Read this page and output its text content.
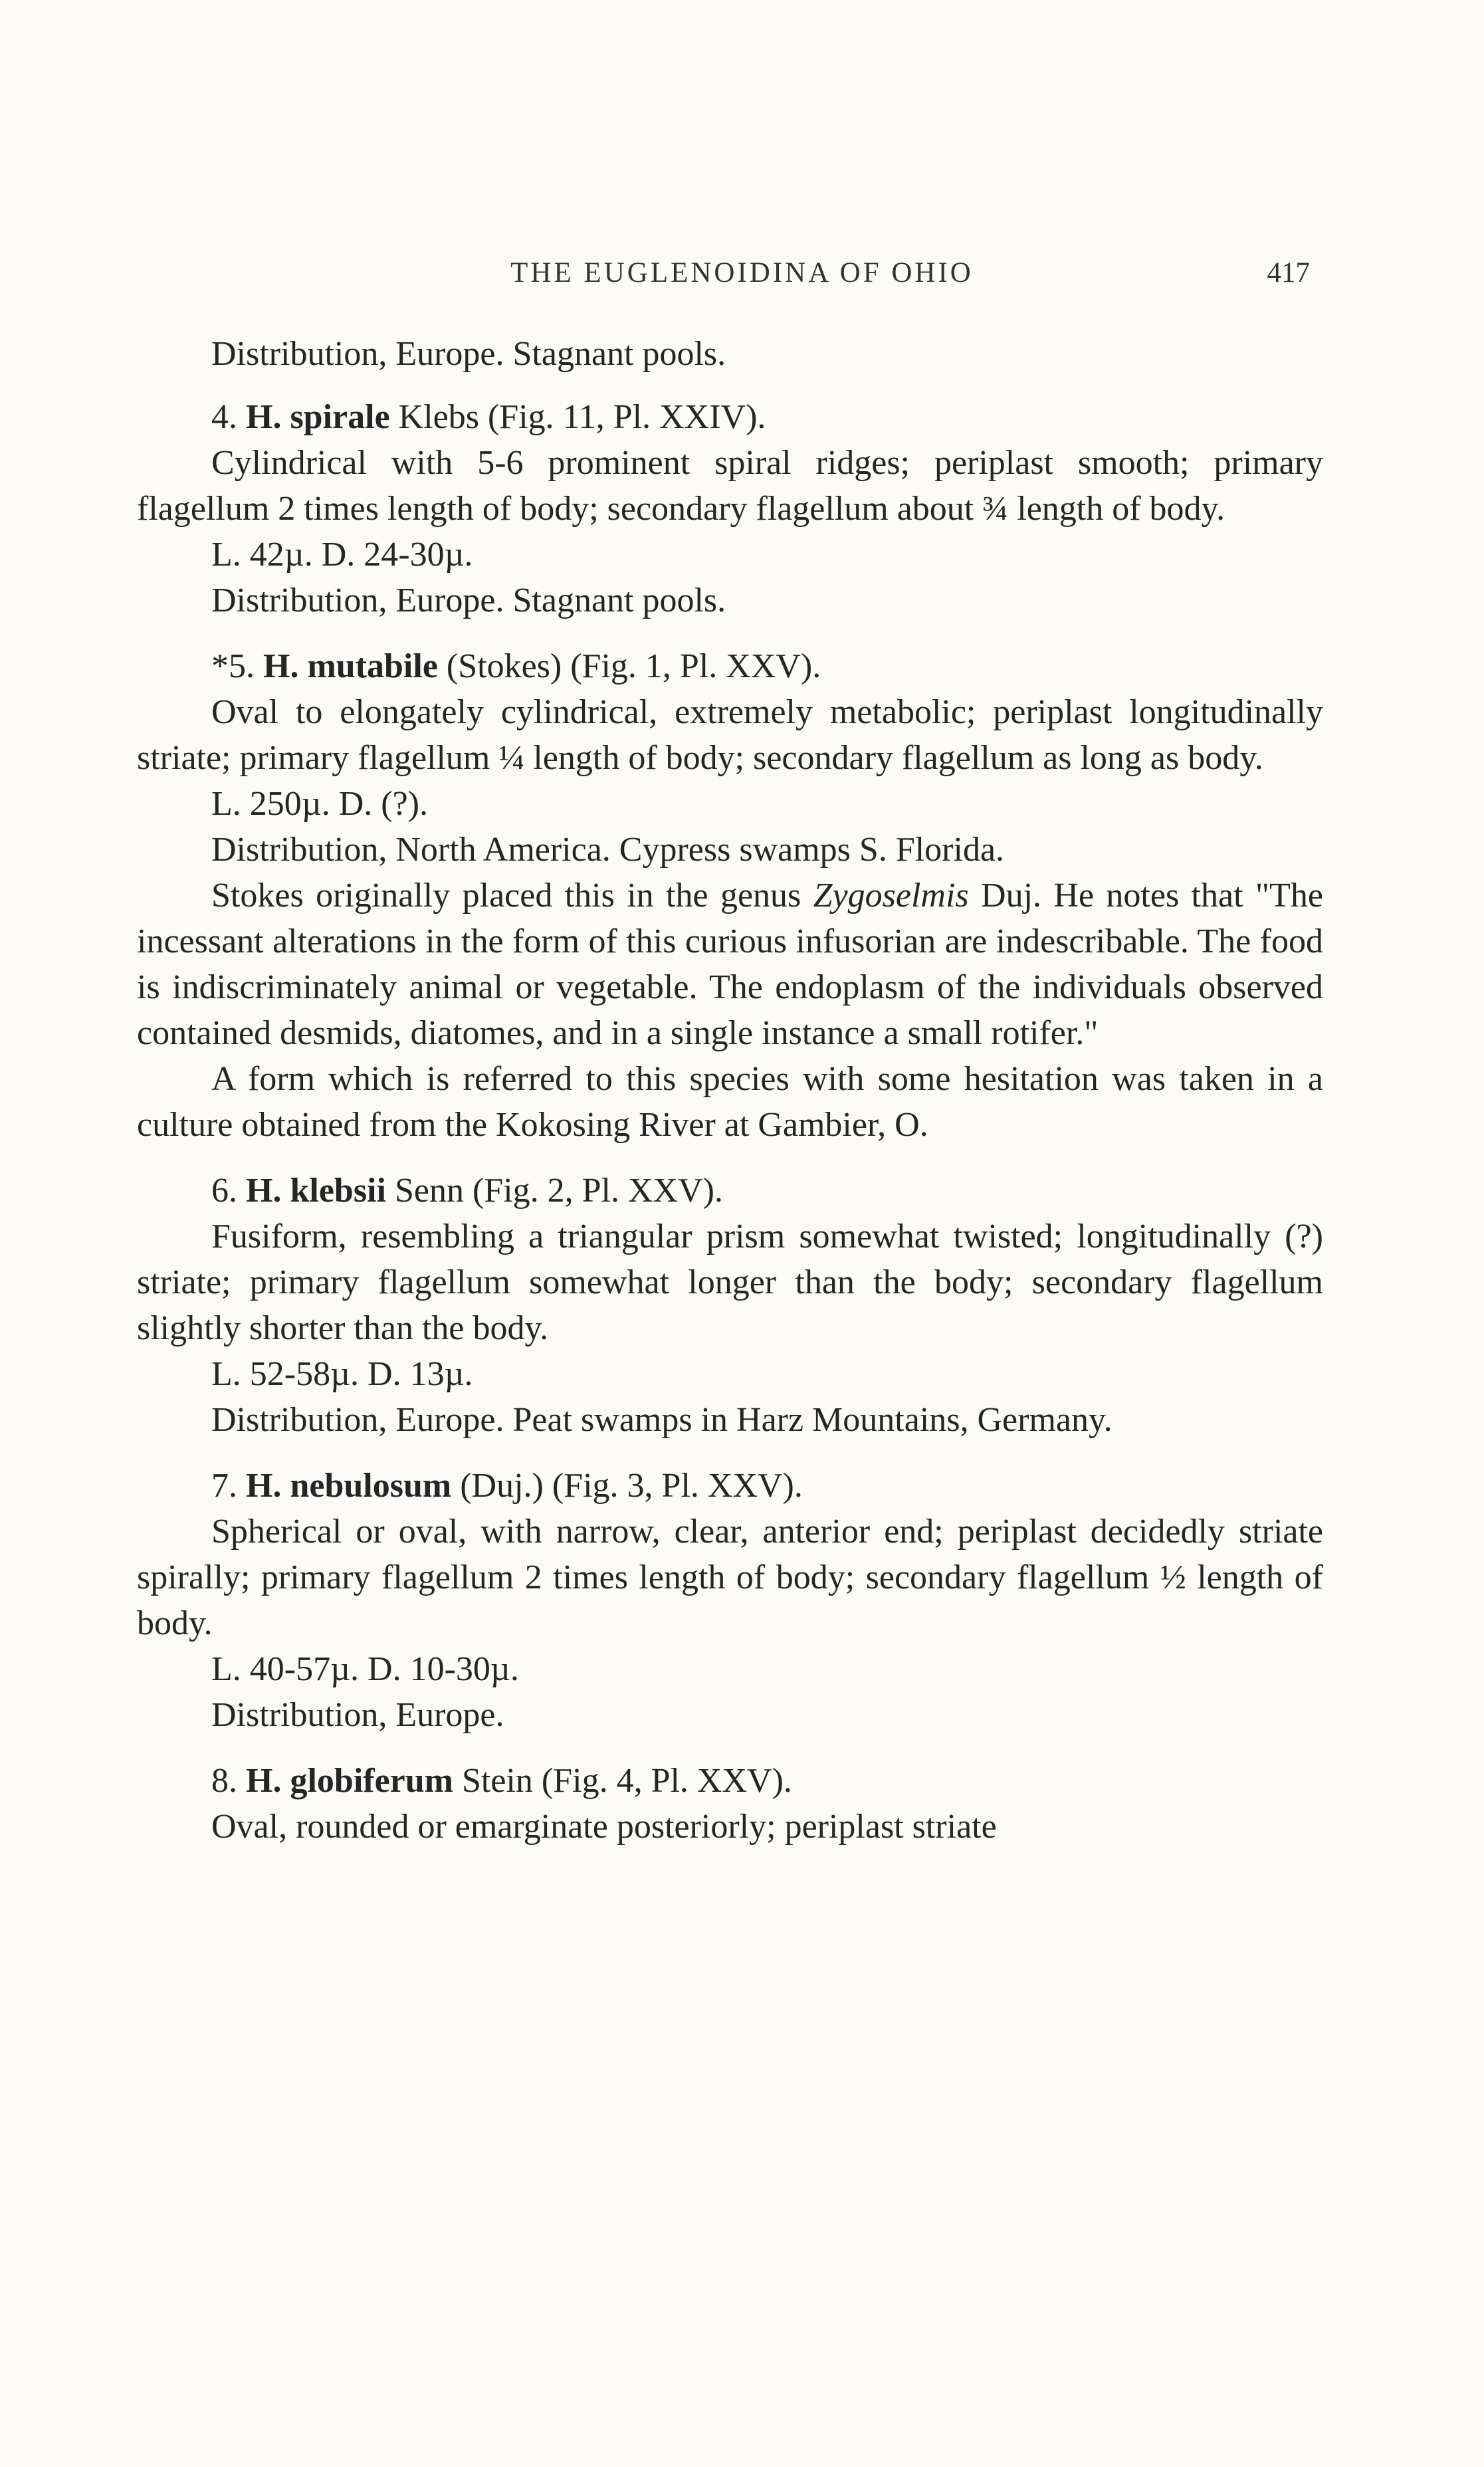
THE EUGLENOIDINA OF OHIO	417

Distribution, Europe. Stagnant pools.

4. H. spirale Klebs (Fig. 11, Pl. XXIV).

Cylindrical with 5-6 prominent spiral ridges; periplast smooth; primary flagellum 2 times length of body; secondary flagellum about ¾ length of body.

L. 42µ. D. 24-30µ.

Distribution, Europe. Stagnant pools.

*5. H. mutabile (Stokes) (Fig. 1, Pl. XXV).

Oval to elongately cylindrical, extremely metabolic; periplast longitudinally striate; primary flagellum ¼ length of body; secondary flagellum as long as body.

L. 250µ. D. (?).

Distribution, North America. Cypress swamps S. Florida.

Stokes originally placed this in the genus Zygoselmis Duj. He notes that "The incessant alterations in the form of this curious infusorian are indescribable. The food is indiscriminately animal or vegetable. The endoplasm of the individuals observed contained desmids, diatomes, and in a single instance a small rotifer."

A form which is referred to this species with some hesitation was taken in a culture obtained from the Kokosing River at Gambier, O.

6. H. klebsii Senn (Fig. 2, Pl. XXV).

Fusiform, resembling a triangular prism somewhat twisted; longitudinally (?) striate; primary flagellum somewhat longer than the body; secondary flagellum slightly shorter than the body.

L. 52-58µ. D. 13µ.

Distribution, Europe. Peat swamps in Harz Mountains, Germany.

7. H. nebulosum (Duj.) (Fig. 3, Pl. XXV).

Spherical or oval, with narrow, clear, anterior end; periplast decidedly striate spirally; primary flagellum 2 times length of body; secondary flagellum ½ length of body.

L. 40-57µ. D. 10-30µ.

Distribution, Europe.

8. H. globiferum Stein (Fig. 4, Pl. XXV).

Oval, rounded or emarginate posteriorly; periplast striate
